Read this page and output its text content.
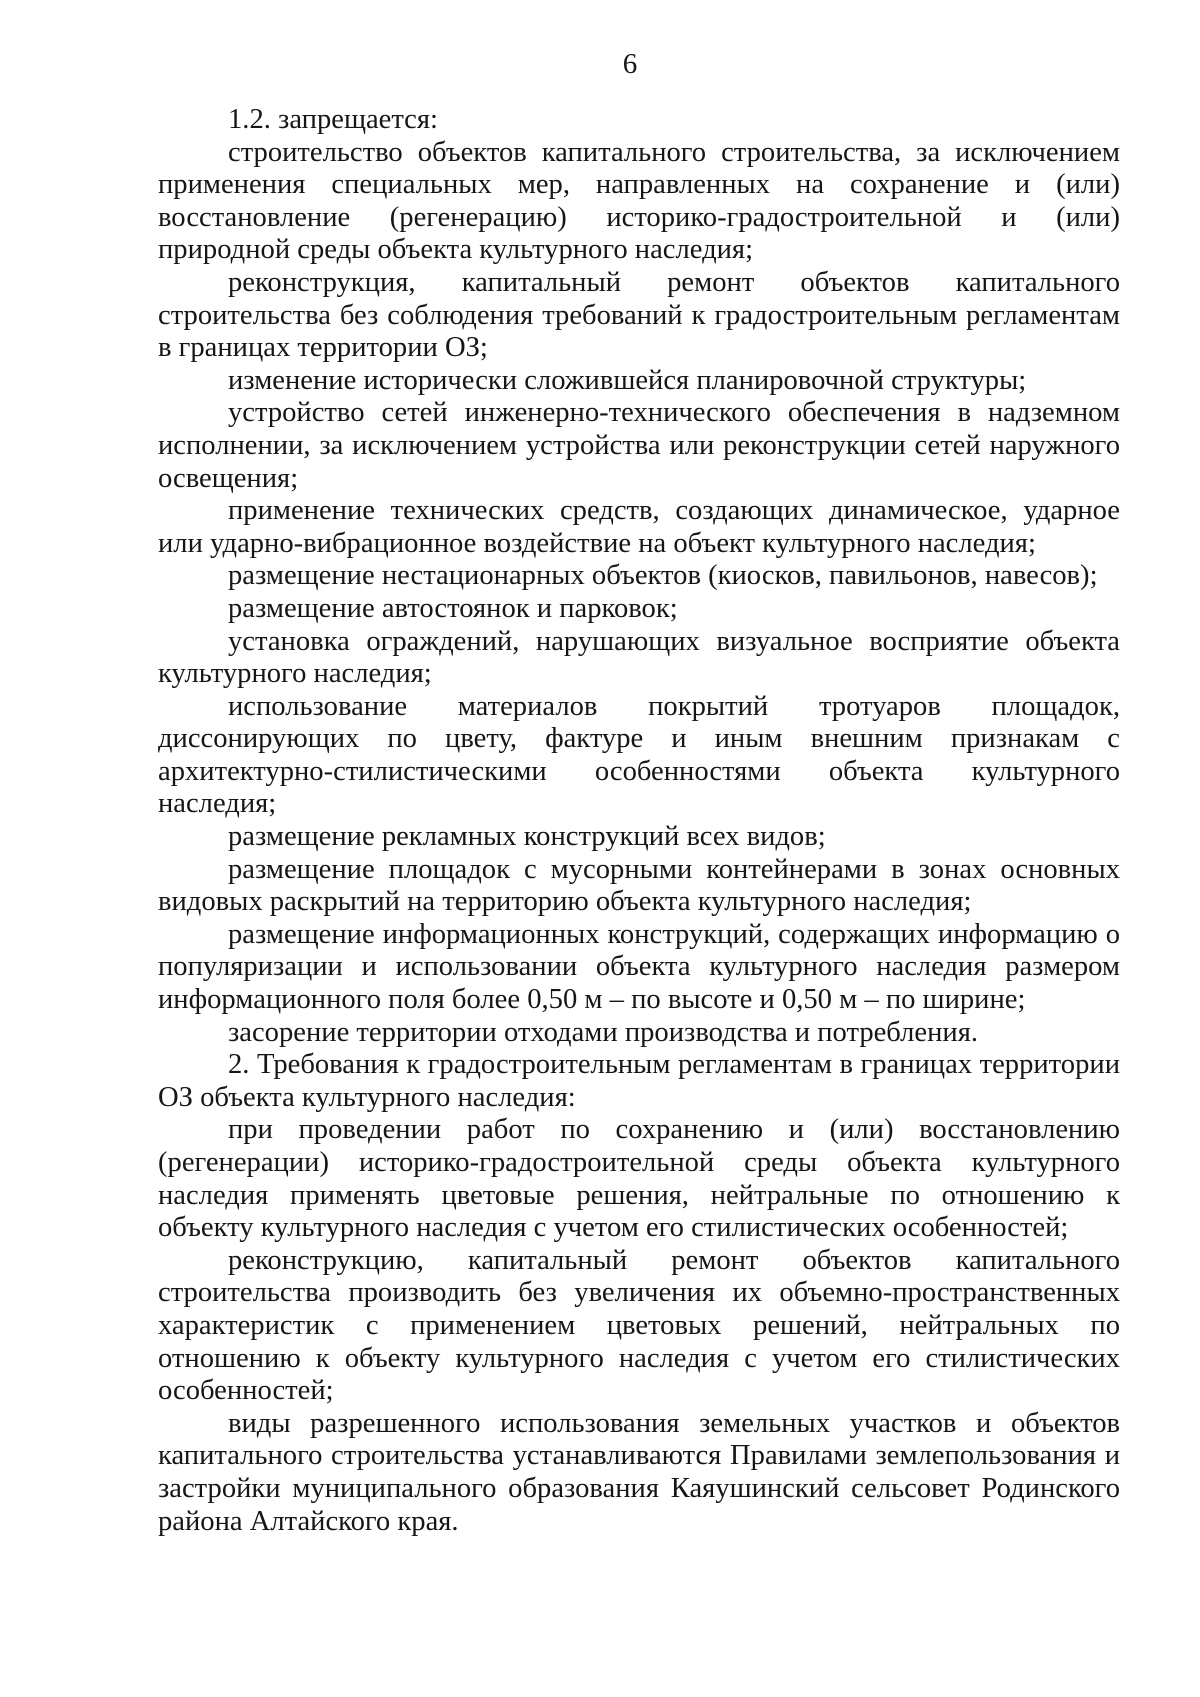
6

1.2. запрещается:

строительство объектов капитального строительства, за исключением применения специальных мер, направленных на сохранение и (или) восстановление (регенерацию) историко-градостроительной и (или) природной среды объекта культурного наследия;

реконструкция, капитальный ремонт объектов капитального строительства без соблюдения требований к градостроительным регламентам в границах территории ОЗ;

изменение исторически сложившейся планировочной структуры;

устройство сетей инженерно-технического обеспечения в надземном исполнении, за исключением устройства или реконструкции сетей наружного освещения;

применение технических средств, создающих динамическое, ударное или ударно-вибрационное воздействие на объект культурного наследия;

размещение нестационарных объектов (киосков, павильонов, навесов);

размещение автостоянок и парковок;

установка ограждений, нарушающих визуальное восприятие объекта культурного наследия;

использование материалов покрытий тротуаров площадок, диссонирующих по цвету, фактуре и иным внешним признакам с архитектурно-стилистическими особенностями объекта культурного наследия;

размещение рекламных конструкций всех видов;

размещение площадок с мусорными контейнерами в зонах основных видовых раскрытий на территорию объекта культурного наследия;

размещение информационных конструкций, содержащих информацию о популяризации и использовании объекта культурного наследия размером информационного поля более 0,50 м – по высоте и 0,50 м – по ширине;

засорение территории отходами производства и потребления.

2. Требования к градостроительным регламентам в границах территории ОЗ объекта культурного наследия:

при проведении работ по сохранению и (или) восстановлению (регенерации) историко-градостроительной среды объекта культурного наследия применять цветовые решения, нейтральные по отношению к объекту культурного наследия с учетом его стилистических особенностей;

реконструкцию, капитальный ремонт объектов капитального строительства производить без увеличения их объемно-пространственных характеристик с применением цветовых решений, нейтральных по отношению к объекту культурного наследия с учетом его стилистических особенностей;

виды разрешенного использования земельных участков и объектов капитального строительства устанавливаются Правилами землепользования и застройки муниципального образования Каяушинский сельсовет Родинского района Алтайского края.
